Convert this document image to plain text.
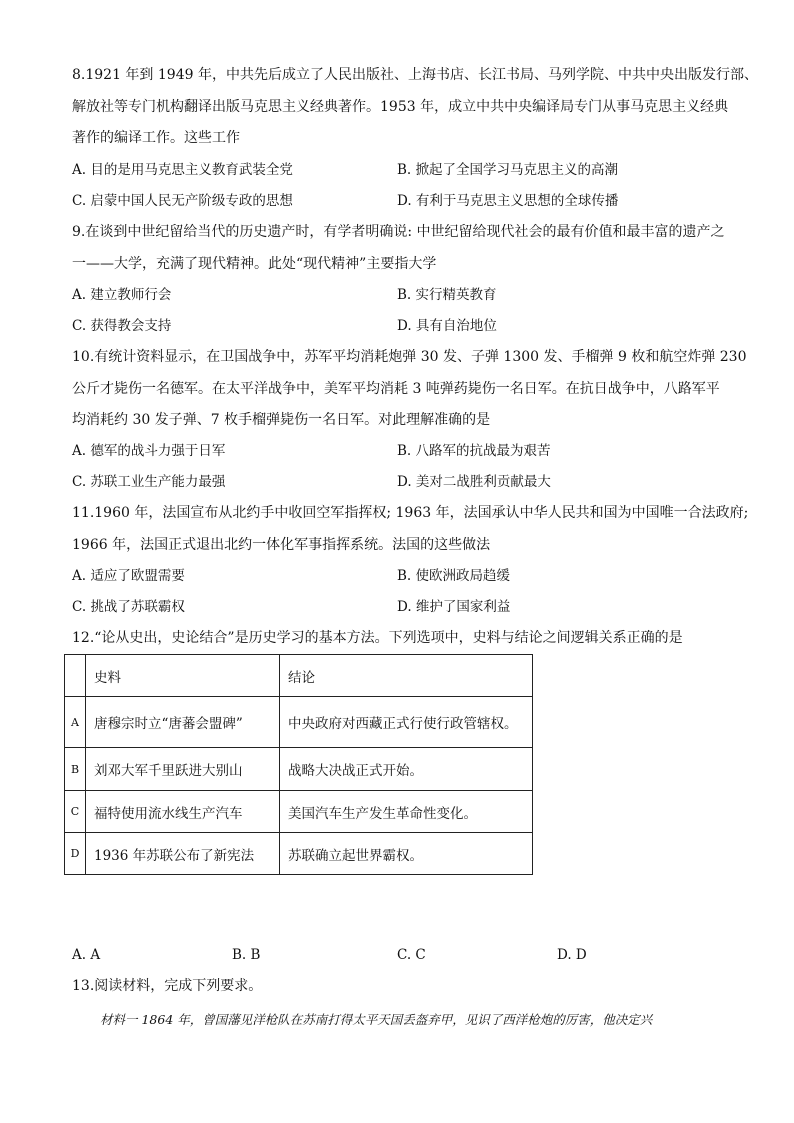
8.1921 年到 1949 年，中共先后成立了人民出版社、上海书店、长江书局、马列学院、中共中央出版发行部、
解放社等专门机构翻译出版马克思主义经典著作。1953 年，成立中共中央编译局专门从事马克思主义经典
著作的编译工作。这些工作
A. 目的是用马克思主义教育武装全党	B. 掀起了全国学习马克思主义的高潮
C. 启蒙中国人民无产阶级专政的思想	D. 有利于马克思主义思想的全球传播
9.在谈到中世纪留给当代的历史遗产时，有学者明确说: 中世纪留给现代社会的最有价值和最丰富的遗产之
一——大学，充满了现代精神。此处“现代精神”主要指大学
A. 建立教师行会	B. 实行精英教育
C. 获得教会支持	D. 具有自治地位
10.有统计资料显示，在卫国战争中，苏军平均消耗炮弹 30 发、子弹 1300 发、手榴弹 9 枚和航空炸弹 230
公斤才毙伤一名德军。在太平洋战争中，美军平均消耗 3 吨弹药毙伤一名日军。在抗日战争中，八路军平
均消耗约 30 发子弹、7 枚手榴弹毙伤一名日军。对此理解准确的是
A. 德军的战斗力强于日军	B. 八路军的抗战最为艰苦
C. 苏联工业生产能力最强	D. 美对二战胜利贡献最大
11.1960 年，法国宣布从北约手中收回空军指挥权; 1963 年，法国承认中华人民共和国为中国唯一合法政府;
1966 年，法国正式退出北约一体化军事指挥系统。法国的这些做法
A. 适应了欧盟需要	B. 使欧洲政局趋缓
C. 挑战了苏联霸权	D. 维护了国家利益
12.“论从史出，史论结合”是历史学习的基本方法。下列选项中，史料与结论之间逻辑关系正确的是
	史料	结论
A	唐穆宗时立“唐蕃会盟碑”	中央政府对西藏正式行使行政管辖权。
B	刘邓大军千里跃进大别山	战略大决战正式开始。
C	福特使用流水线生产汽车	美国汽车生产发生革命性变化。
D	1936 年苏联公布了新宪法	苏联确立起世界霸权。
A. A	B. B	C. C	D. D
13.阅读材料，完成下列要求。
材料一 1864 年，曾国藩见洋枪队在苏南打得太平天国丢盔弃甲，见识了西洋枪炮的厉害，他决定兴
